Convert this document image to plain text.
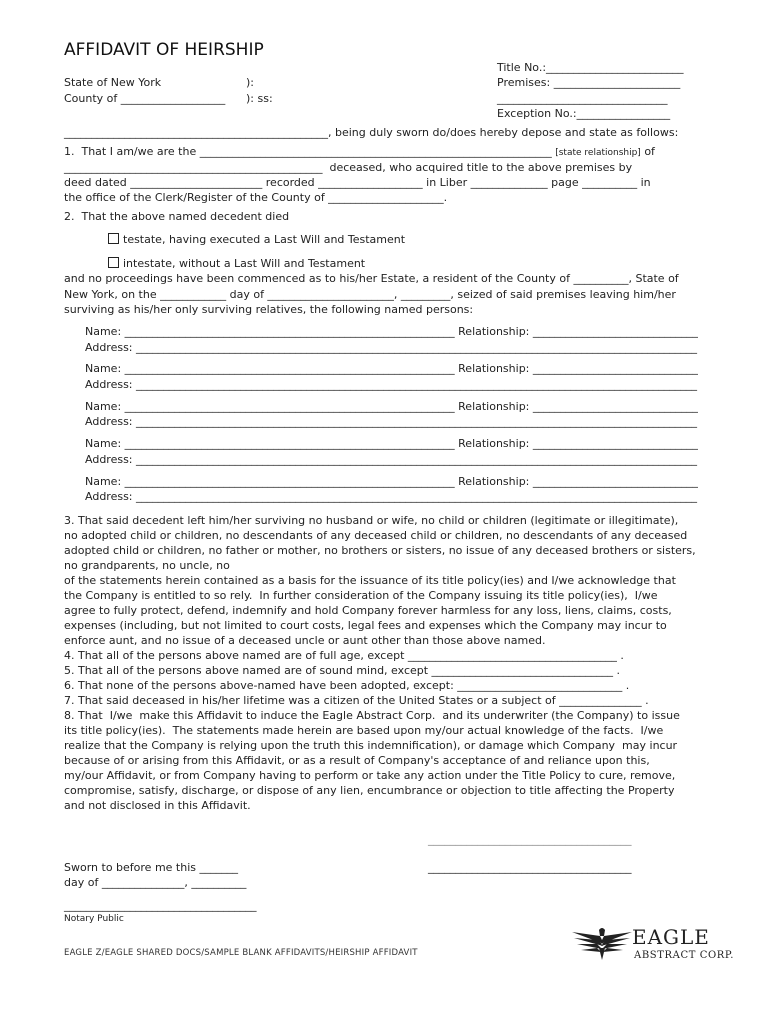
AFFIDAVIT OF HEIRSHIP
State of New York	):
County of ___________________ ): ss:
Title No.:_________________________
Premises: _______________________
_______________________________
Exception No.:_________________
________________________________________________, being duly sworn do/does hereby depose and state as follows:
1.  That I am/we are the ________________________________________________________________ [state relationship] of
_______________________________________________  deceased, who acquired title to the above premises by
deed dated ________________________ recorded ___________________ in Liber ______________ page __________ in
the office of the Clerk/Register of the County of _____________________.
2.  That the above named decedent died
testate, having executed a Last Will and Testament
intestate, without a Last Will and Testament
and no proceedings have been commenced as to his/her Estate, a resident of the County of __________, State of
New York, on the ____________ day of _______________________, _________, seized of said premises leaving him/her
surviving as his/her only surviving relatives, the following named persons:
Name: ____________________________________________________________ Relationship: ______________________________
Address: ______________________________________________________________________________________________________
Name: ____________________________________________________________ Relationship: ______________________________
Address: ______________________________________________________________________________________________________
Name: ____________________________________________________________ Relationship: ______________________________
Address: ______________________________________________________________________________________________________
Name: ____________________________________________________________ Relationship: ______________________________
Address: ______________________________________________________________________________________________________
Name: ____________________________________________________________ Relationship: ______________________________
Address: ______________________________________________________________________________________________________
3. That said decedent left him/her surviving no husband or wife, no child or children (legitimate or illegitimate),
no adopted child or children, no descendants of any deceased child or children, no descendants of any deceased
adopted child or children, no father or mother, no brothers or sisters, no issue of any deceased brothers or sisters,
no grandparents, no uncle, no
of the statements herein contained as a basis for the issuance of its title policy(ies) and I/we acknowledge that
the Company is entitled to so rely.  In further consideration of the Company issuing its title policy(ies),  I/we
agree to fully protect, defend, indemnify and hold Company forever harmless for any loss, liens, claims, costs,
expenses (including, but not limited to court costs, legal fees and expenses which the Company may incur to
enforce aunt, and no issue of a deceased uncle or aunt other than those above named.
4. That all of the persons above named are of full age, except ______________________________________ .
5. That all of the persons above named are of sound mind, except _________________________________ .
6. That none of the persons above-named have been adopted, except: ______________________________ .
7. That said deceased in his/her lifetime was a citizen of the United States or a subject of _______________ .
8. That  I/we  make this Affidavit to induce the Eagle Abstract Corp.  and its underwriter (the Company) to issue
its title policy(ies).  The statements made herein are based upon my/our actual knowledge of the facts.  I/we
realize that the Company is relying upon the truth this indemnification), or damage which Company  may incur
because of or arising from this Affidavit, or as a result of Company's acceptance of and reliance upon this,
my/our Affidavit, or from Company having to perform or take any action under the Title Policy to cure, remove,
compromise, satisfy, discharge, or dispose of any lien, encumbrance or objection to title affecting the Property
and not disclosed in this Affidavit.
_____________________________________
_____________________________________
Sworn to before me this _______
day of _______________, __________
___________________________________
Notary Public
EAGLE Z/EAGLE SHARED DOCS/SAMPLE BLANK AFFIDAVITS/HEIRSHIP AFFIDAVIT
EAGLE
ABSTRACT CORP.
